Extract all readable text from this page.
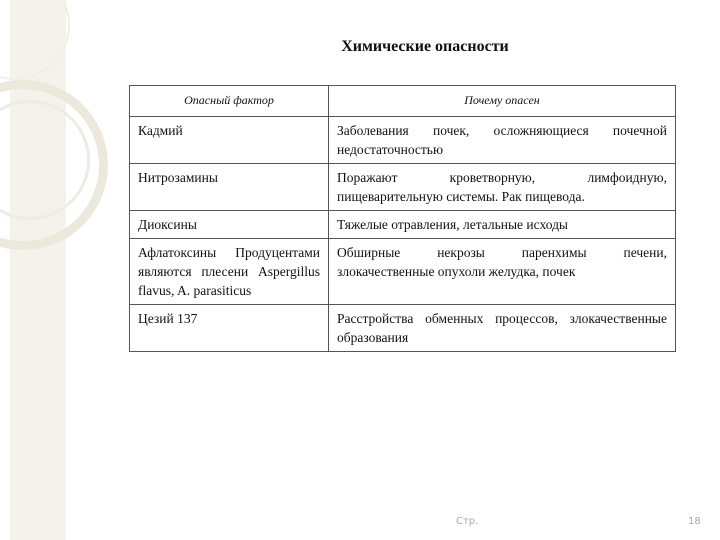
Химические опасности
Опасный фактор	Почему опасен
Кадмий	Заболевания почек, осложняющиеся почечной недостаточностью
Нитрозамины	Поражают кроветворную, лимфоидную, пищеварительную системы. Рак пищевода.
Диоксины	Тяжелые отравления, летальные исходы
Афлатоксины Продуцентами являются плесени Aspergillus flavus, A. parasiticus	Обширные некрозы паренхимы печени, злокачественные опухоли желудка, почек
Цезий 137	Расстройства обменных процессов, злокачественные образования
Стр.	18
